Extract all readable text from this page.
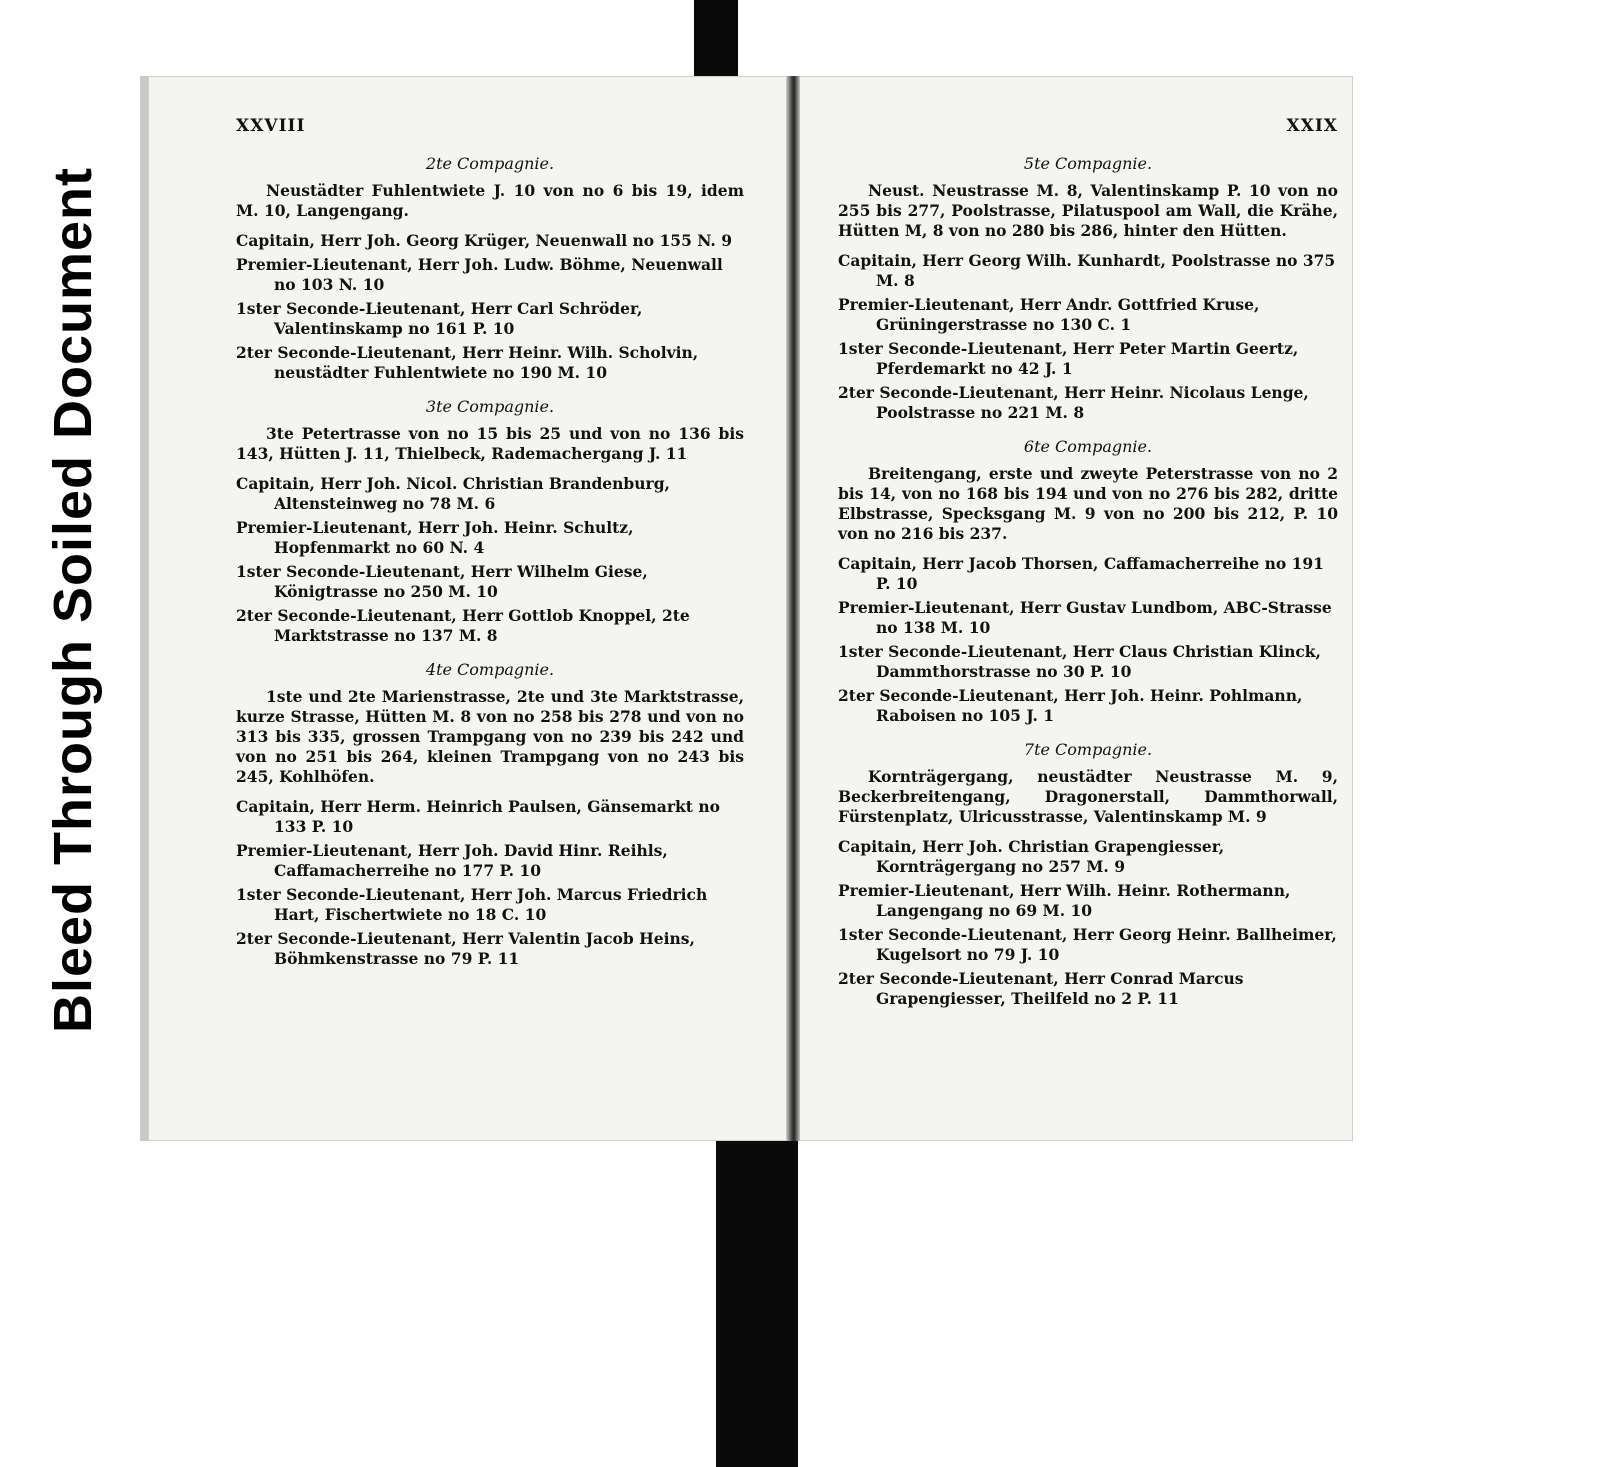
Bleed Through Soiled Document
XXVIII
2te Compagnie.

Neustädter Fuhlentwiete J. 10 von no 6 bis 19, idem M. 10, Langengang.

Capitain, Herr Joh. Georg Krüger, Neuenwall no 155 N. 9

Premier-Lieutenant, Herr Joh. Ludw. Böhme, Neuenwall no 103 N. 10

1ster Seconde-Lieutenant, Herr Carl Schröder, Valentinskamp no 161 P. 10

2ter Seconde-Lieutenant, Herr Heinr. Wilh. Scholvin, neustädter Fuhlentwiete no 190 M. 10

3te Compagnie.

3te Petertrasse von no 15 bis 25 und von no 136 bis 143, Hütten J. 11, Thielbeck, Rademachergang J. 11

Capitain, Herr Joh. Nicol. Christian Brandenburg, Altensteinweg no 78 M. 6

Premier-Lieutenant, Herr Joh. Heinr. Schultz, Hopfenmarkt no 60 N. 4

1ster Seconde-Lieutenant, Herr Wilhelm Giese, Königtrasse no 250 M. 10

2ter Seconde-Lieutenant, Herr Gottlob Knoppel, 2te Marktstrasse no 137 M. 8

4te Compagnie.

1ste und 2te Marienstrasse, 2te und 3te Marktstrasse, kurze Strasse, Hütten M. 8 von no 258 bis 278 und von no 313 bis 335, grossen Trampgang von no 239 bis 242 und von no 251 bis 264, kleinen Trampgang von no 243 bis 245, Kohlhöfen.

Capitain, Herr Herm. Heinrich Paulsen, Gänsemarkt no 133 P. 10

Premier-Lieutenant, Herr Joh. David Hinr. Reihls, Caffamacherreihe no 177 P. 10

1ster Seconde-Lieutenant, Herr Joh. Marcus Friedrich Hart, Fischertwiete no 18 C. 10

2ter Seconde-Lieutenant, Herr Valentin Jacob Heins, Böhmkenstrasse no 79 P. 11

XXIX
5te Compagnie.

Neust. Neustrasse M. 8, Valentinskamp P. 10 von no 255 bis 277, Poolstrasse, Pilatuspool am Wall, die Krähe, Hütten M, 8 von no 280 bis 286, hinter den Hütten.

Capitain, Herr Georg Wilh. Kunhardt, Poolstrasse no 375 M. 8

Premier-Lieutenant, Herr Andr. Gottfried Kruse, Grüningerstrasse no 130 C. 1

1ster Seconde-Lieutenant, Herr Peter Martin Geertz, Pferdemarkt no 42 J. 1

2ter Seconde-Lieutenant, Herr Heinr. Nicolaus Lenge, Poolstrasse no 221 M. 8

6te Compagnie.

Breitengang, erste und zweyte Peterstrasse von no 2 bis 14, von no 168 bis 194 und von no 276 bis 282, dritte Elbstrasse, Specksgang M. 9 von no 200 bis 212, P. 10 von no 216 bis 237.

Capitain, Herr Jacob Thorsen, Caffamacherreihe no 191 P. 10

Premier-Lieutenant, Herr Gustav Lundbom, ABC-Strasse no 138 M. 10

1ster Seconde-Lieutenant, Herr Claus Christian Klinck, Dammthorstrasse no 30 P. 10

2ter Seconde-Lieutenant, Herr Joh. Heinr. Pohlmann, Raboisen no 105 J. 1

7te Compagnie.

Kornträgergang, neustädter Neustrasse M. 9, Beckerbreitengang, Dragonerstall, Dammthorwall, Fürstenplatz, Ulricusstrasse, Valentinskamp M. 9

Capitain, Herr Joh. Christian Grapengiesser, Kornträgergang no 257 M. 9

Premier-Lieutenant, Herr Wilh. Heinr. Rothermann, Langengang no 69 M. 10

1ster Seconde-Lieutenant, Herr Georg Heinr. Ballheimer, Kugelsort no 79 J. 10

2ter Seconde-Lieutenant, Herr Conrad Marcus Grapengiesser, Theilfeld no 2 P. 11
